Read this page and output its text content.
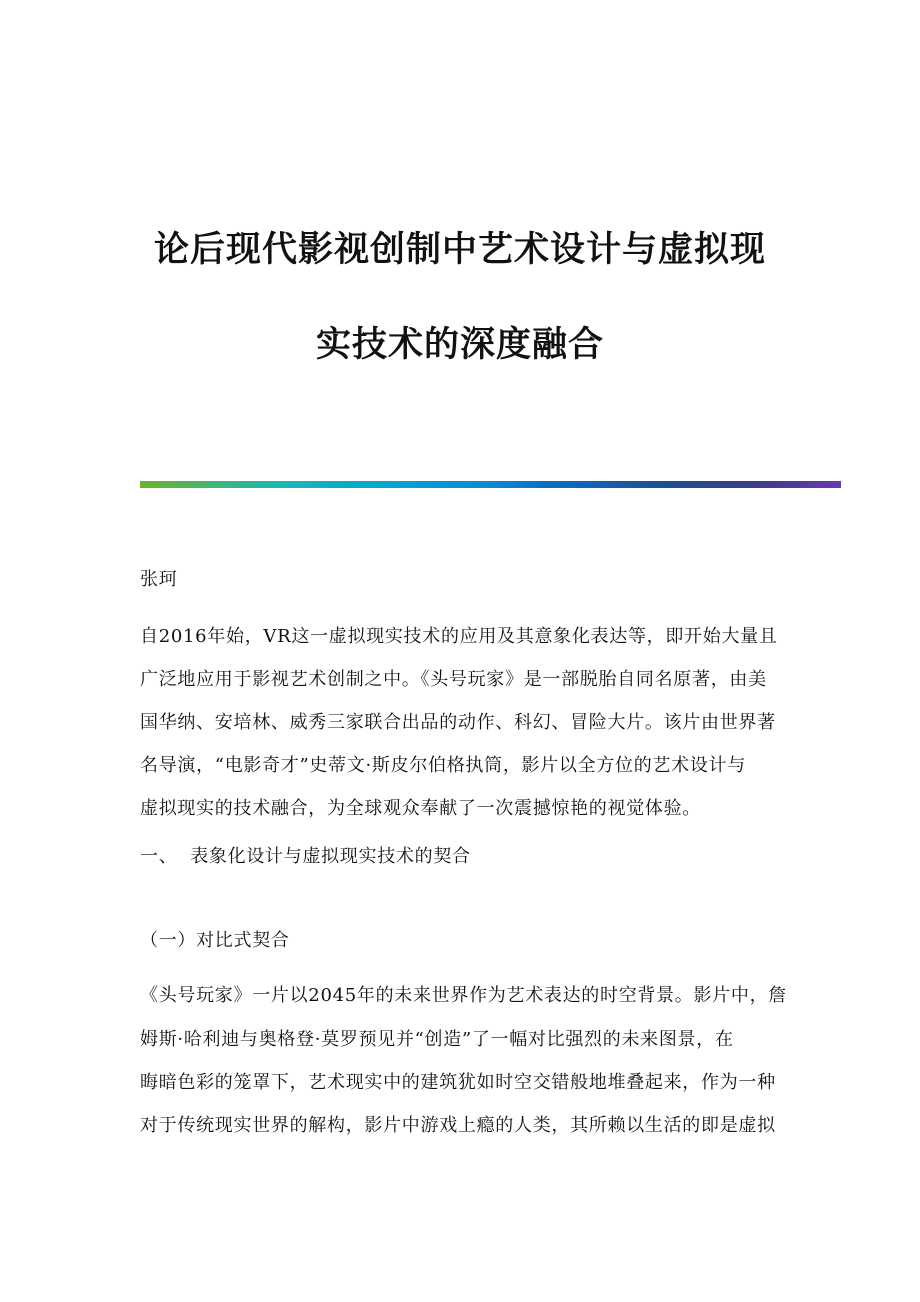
论后现代影视创制中艺术设计与虚拟现
实技术的深度融合
张珂
自2016年始，VR这一虚拟现实技术的应用及其意象化表达等，即开始大量且
广泛地应用于影视艺术创制之中。《头号玩家》是一部脱胎自同名原著，由美
国华纳、安培林、威秀三家联合出品的动作、科幻、冒险大片。该片由世界著
名导演，“电影奇才”史蒂文·斯皮尔伯格执筒，影片以全方位的艺术设计与
虚拟现实的技术融合，为全球观众奉献了一次震撼惊艳的视觉体验。
一、  表象化设计与虚拟现实技术的契合
（一）对比式契合
《头号玩家》一片以2045年的未来世界作为艺术表达的时空背景。影片中，詹
姆斯·哈利迪与奥格登·莫罗预见并“创造”了一幅对比强烈的未来图景，在
晦暗色彩的笼罩下，艺术现实中的建筑犹如时空交错般地堆叠起来，作为一种
对于传统现实世界的解构，影片中游戏上瘾的人类，其所赖以生活的即是虚拟
